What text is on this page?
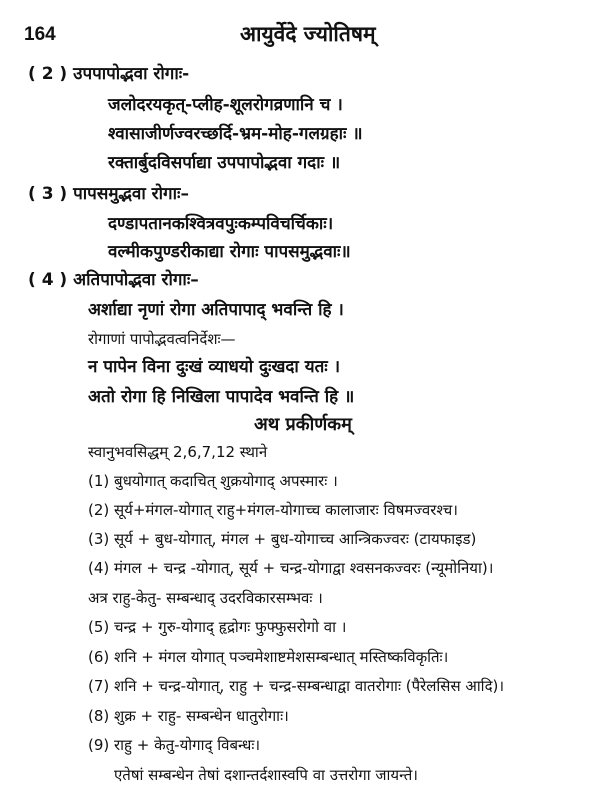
164	आयुर्वेदे ज्योतिषम्
( 2 ) उपपापोद्भवा रोगाः-
जलोदरयकृत्-प्लीह-शूलरोगव्रणानि च ।
श्वासाजीर्णज्वरच्छर्दि-भ्रम-मोह-गलग्रहाः ॥
रक्तार्बुदविसर्पाद्या उपपापोद्भवा गदाः ॥
( 3 ) पापसमुद्भवा रोगाः–
दण्डापतानकश्वित्रवपुःकम्पविचर्चिकाः।
वल्मीकपुण्डरीकाद्या रोगाः पापसमुद्भवाः॥
( 4 ) अतिपापोद्भवा रोगाः–
अर्शाद्या नृणां रोगा अतिपापाद् भवन्ति हि ।
रोगाणां पापोद्भवत्वनिर्देशः—
न पापेन विना दुःखं व्याधयो दुःखदा यतः ।
अतो रोगा हि निखिला पापादेव भवन्ति हि ॥
अथ प्रकीर्णकम्
स्वानुभवसिद्धम् 2,6,7,12 स्थाने
(1) बुधयोगात् कदाचित् शुक्रयोगाद् अपस्मारः ।
(2) सूर्य+मंगल-योगात् राहु+मंगल-योगाच्च कालाजारः विषमज्वरश्च।
(3) सूर्य + बुध-योगात्, मंगल + बुध-योगाच्च आन्त्रिकज्वरः (टायफाइड)
(4) मंगल + चन्द्र -योगात्, सूर्य + चन्द्र-योगाद्वा श्वसनकज्वरः (न्यूमोनिया)।
अत्र राहु-केतु- सम्बन्धाद् उदरविकारसम्भवः ।
(5) चन्द्र + गुरु-योगाद् हृद्रोगः फुफ्फुसरोगो वा ।
(6) शनि + मंगल योगात् पञ्चमेशाष्टमेशसम्बन्धात् मस्तिष्कविकृतिः।
(7) शनि + चन्द्र-योगात्, राहु + चन्द्र-सम्बन्धाद्वा वातरोगाः (पैरेलसिस आदि)।
(8) शुक्र + राहु- सम्बन्धेन धातुरोगाः।
(9) राहु + केतु-योगाद् विबन्धः।
एतेषां सम्बन्धेन तेषां दशान्तर्दशास्वपि वा उत्तरोगा जायन्ते।
